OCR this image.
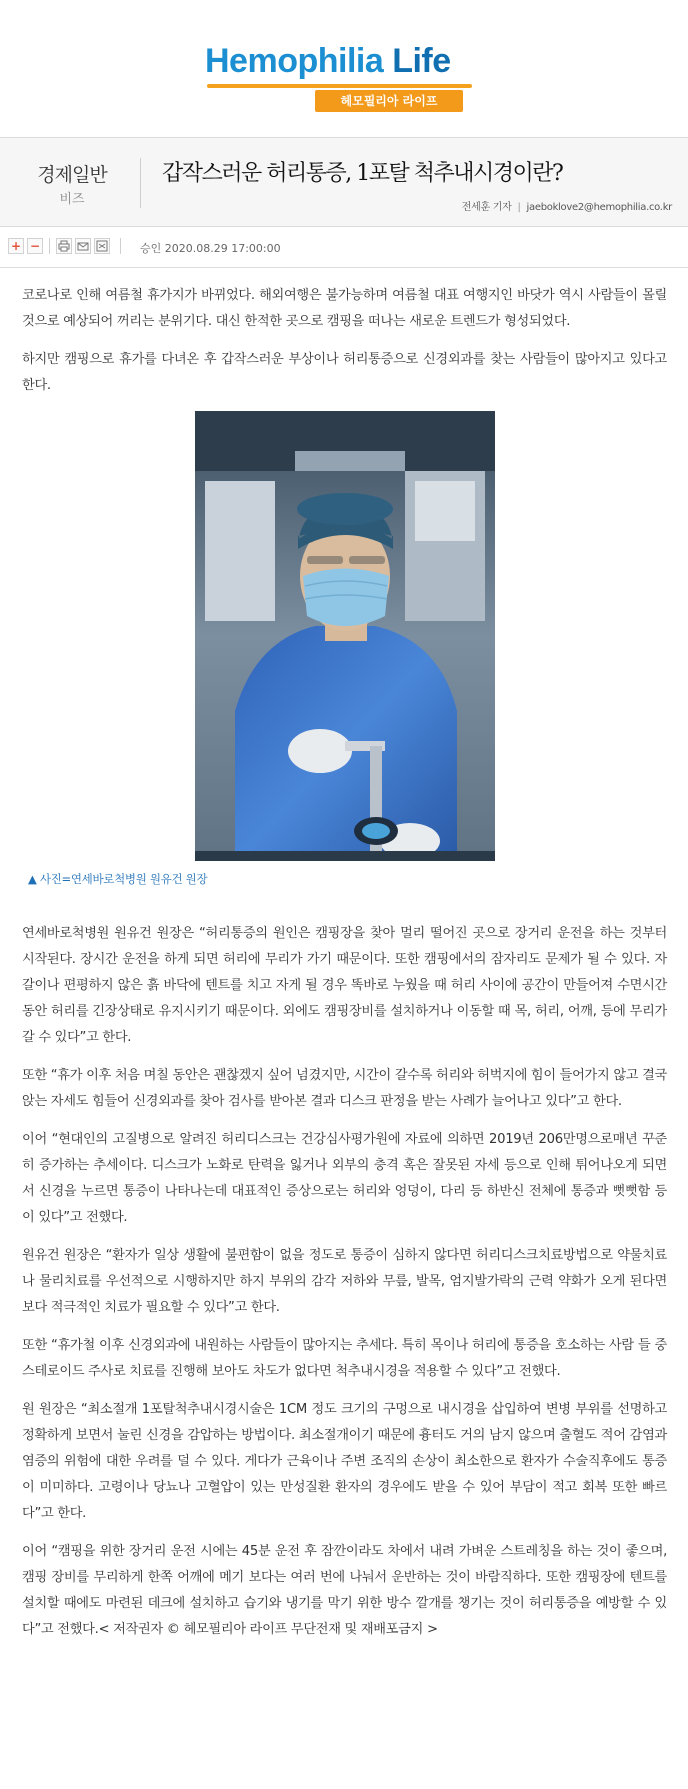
Hemophilia Life
헤모필리아 라이프
경제일반
비즈
갑작스러운 허리통증, 1포탈 척추내시경이란?
전세훈 기자 | jaeboklove2@hemophilia.co.kr
+ −	승인 2020.08.29 17:00:00

코로나로 인해 여름철 휴가지가 바뀌었다. 해외여행은 불가능하며 여름철 대표 여행지인 바닷가 역시 사람들이 몰릴 것으로 예상되어 꺼리는 분위기다. 대신 한적한 곳으로 캠핑을 떠나는 새로운 트렌드가 형성되었다.

하지만 캠핑으로 휴가를 다녀온 후 갑작스러운 부상이나 허리통증으로 신경외과를 찾는 사람들이 많아지고 있다고 한다.

▲ 사진=연세바로척병원 원유건 원장

연세바로척병원 원유건 원장은 “허리통증의 원인은 캠핑장을 찾아 멀리 떨어진 곳으로 장거리 운전을 하는 것부터 시작된다. 장시간 운전을 하게 되면 허리에 무리가 가기 때문이다. 또한 캠핑에서의 잠자리도 문제가 될 수 있다. 자갈이나 편평하지 않은 흙 바닥에 텐트를 치고 자게 될 경우 똑바로 누웠을 때 허리 사이에 공간이 만들어져 수면시간 동안 허리를 긴장상태로 유지시키기 때문이다. 외에도 캠핑장비를 설치하거나 이동할 때 목, 허리, 어깨, 등에 무리가 갈 수 있다”고 한다.

또한 “휴가 이후 처음 며칠 동안은 괜찮겠지 싶어 넘겼지만, 시간이 갈수록 허리와 허벅지에 힘이 들어가지 않고 결국 앉는 자세도 힘들어 신경외과를 찾아 검사를 받아본 결과 디스크 판정을 받는 사례가 늘어나고 있다”고 한다.

이어 “현대인의 고질병으로 알려진 허리디스크는 건강심사평가원에 자료에 의하면 2019년 206만명으로매년 꾸준히 증가하는 추세이다. 디스크가 노화로 탄력을 잃거나 외부의 충격 혹은 잘못된 자세 등으로 인해 튀어나오게 되면서 신경을 누르면 통증이 나타나는데 대표적인 증상으로는 허리와 엉덩이, 다리 등 하반신 전체에 통증과 뻣뻣함 등이 있다”고 전했다.

원유건 원장은 “환자가 일상 생활에 불편함이 없을 정도로 통증이 심하지 않다면 허리디스크치료방법으로 약물치료나 물리치료를 우선적으로 시행하지만 하지 부위의 감각 저하와 무릎, 발목, 엄지발가락의 근력 약화가 오게 된다면 보다 적극적인 치료가 필요할 수 있다”고 한다.

또한 “휴가철 이후 신경외과에 내원하는 사람들이 많아지는 추세다. 특히 목이나 허리에 통증을 호소하는 사람 들 중 스테로이드 주사로 치료를 진행해 보아도 차도가 없다면 척추내시경을 적용할 수 있다”고 전했다.

원 원장은 “최소절개 1포탈척추내시경시술은 1CM 정도 크기의 구멍으로 내시경을 삽입하여 변병 부위를 선명하고 정확하게 보면서 눌린 신경을 감압하는 방법이다. 최소절개이기 때문에 흉터도 거의 남지 않으며 출혈도 적어 감염과 염증의 위험에 대한 우려를 덜 수 있다. 게다가 근육이나 주변 조직의 손상이 최소한으로 환자가 수술직후에도 통증이 미미하다. 고령이나 당뇨나 고혈압이 있는 만성질환 환자의 경우에도 받을 수 있어 부담이 적고 회복 또한 빠르다”고 한다.

이어 “캠핑을 위한 장거리 운전 시에는 45분 운전 후 잠깐이라도 차에서 내려 가벼운 스트레칭을 하는 것이 좋으며, 캠핑 장비를 무리하게 한쪽 어깨에 메기 보다는 여러 번에 나눠서 운반하는 것이 바람직하다. 또한 캠핑장에 텐트를 설치할 때에도 마련된 데크에 설치하고 습기와 냉기를 막기 위한 방수 깔개를 챙기는 것이 허리통증을 예방할 수 있다”고 전했다.< 저작권자 © 헤모필리아 라이프 무단전재 및 재배포금지 >
